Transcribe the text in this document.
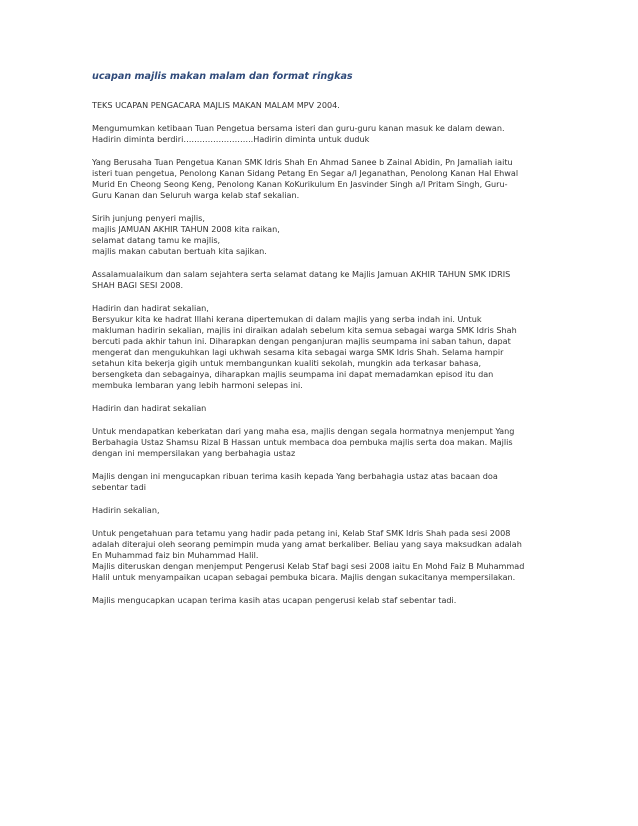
ucapan majlis makan malam dan format ringkas
TEKS UCAPAN PENGACARA MAJLIS MAKAN MALAM MPV 2004.
Mengumumkan ketibaan Tuan Pengetua bersama isteri dan guru-guru kanan masuk ke dalam dewan.
Hadirin diminta berdiri……………………..Hadirin diminta untuk duduk
Yang Berusaha Tuan Pengetua Kanan SMK Idris Shah En Ahmad Sanee b Zainal Abidin, Pn Jamaliah iaitu
isteri tuan pengetua, Penolong Kanan Sidang Petang En Segar a/l Jeganathan, Penolong Kanan Hal Ehwal
Murid En Cheong Seong Keng, Penolong Kanan KoKurikulum En Jasvinder Singh a/l Pritam Singh, Guru-
Guru Kanan dan Seluruh warga kelab staf sekalian.
Sirih junjung penyeri majlis,
majlis JAMUAN AKHIR TAHUN 2008 kita raikan,
selamat datang tamu ke majlis,
majlis makan cabutan bertuah kita sajikan.
Assalamualaikum dan salam sejahtera serta selamat datang ke Majlis Jamuan AKHIR TAHUN SMK IDRIS
SHAH BAGI SESI 2008.
Hadirin dan hadirat sekalian,
Bersyukur kita ke hadrat Illahi kerana dipertemukan di dalam majlis yang serba indah ini. Untuk
makluman hadirin sekalian, majlis ini diraikan adalah sebelum kita semua sebagai warga SMK Idris Shah
bercuti pada akhir tahun ini. Diharapkan dengan penganjuran majlis seumpama ini saban tahun, dapat
mengerat dan mengukuhkan lagi ukhwah sesama kita sebagai warga SMK Idris Shah. Selama hampir
setahun kita bekerja gigih untuk membangunkan kualiti sekolah, mungkin ada terkasar bahasa,
bersengketa dan sebagainya, diharapkan majlis seumpama ini dapat memadamkan episod itu dan
membuka lembaran yang lebih harmoni selepas ini.
Hadirin dan hadirat sekalian
Untuk mendapatkan keberkatan dari yang maha esa, majlis dengan segala hormatnya menjemput Yang
Berbahagia Ustaz Shamsu Rizal B Hassan untuk membaca doa pembuka majlis serta doa makan. Majlis
dengan ini mempersilakan yang berbahagia ustaz
Majlis dengan ini mengucapkan ribuan terima kasih kepada Yang berbahagia ustaz atas bacaan doa
sebentar tadi
Hadirin sekalian,
Untuk pengetahuan para tetamu yang hadir pada petang ini, Kelab Staf SMK Idris Shah pada sesi 2008
adalah diterajui oleh seorang pemimpin muda yang amat berkaliber. Beliau yang saya maksudkan adalah
En Muhammad faiz bin Muhammad Halil.
Majlis diteruskan dengan menjemput Pengerusi Kelab Staf bagi sesi 2008 iaitu En Mohd Faiz B Muhammad
Halil untuk menyampaikan ucapan sebagai pembuka bicara. Majlis dengan sukacitanya mempersilakan.
Majlis mengucapkan ucapan terima kasih atas ucapan pengerusi kelab staf sebentar tadi.
